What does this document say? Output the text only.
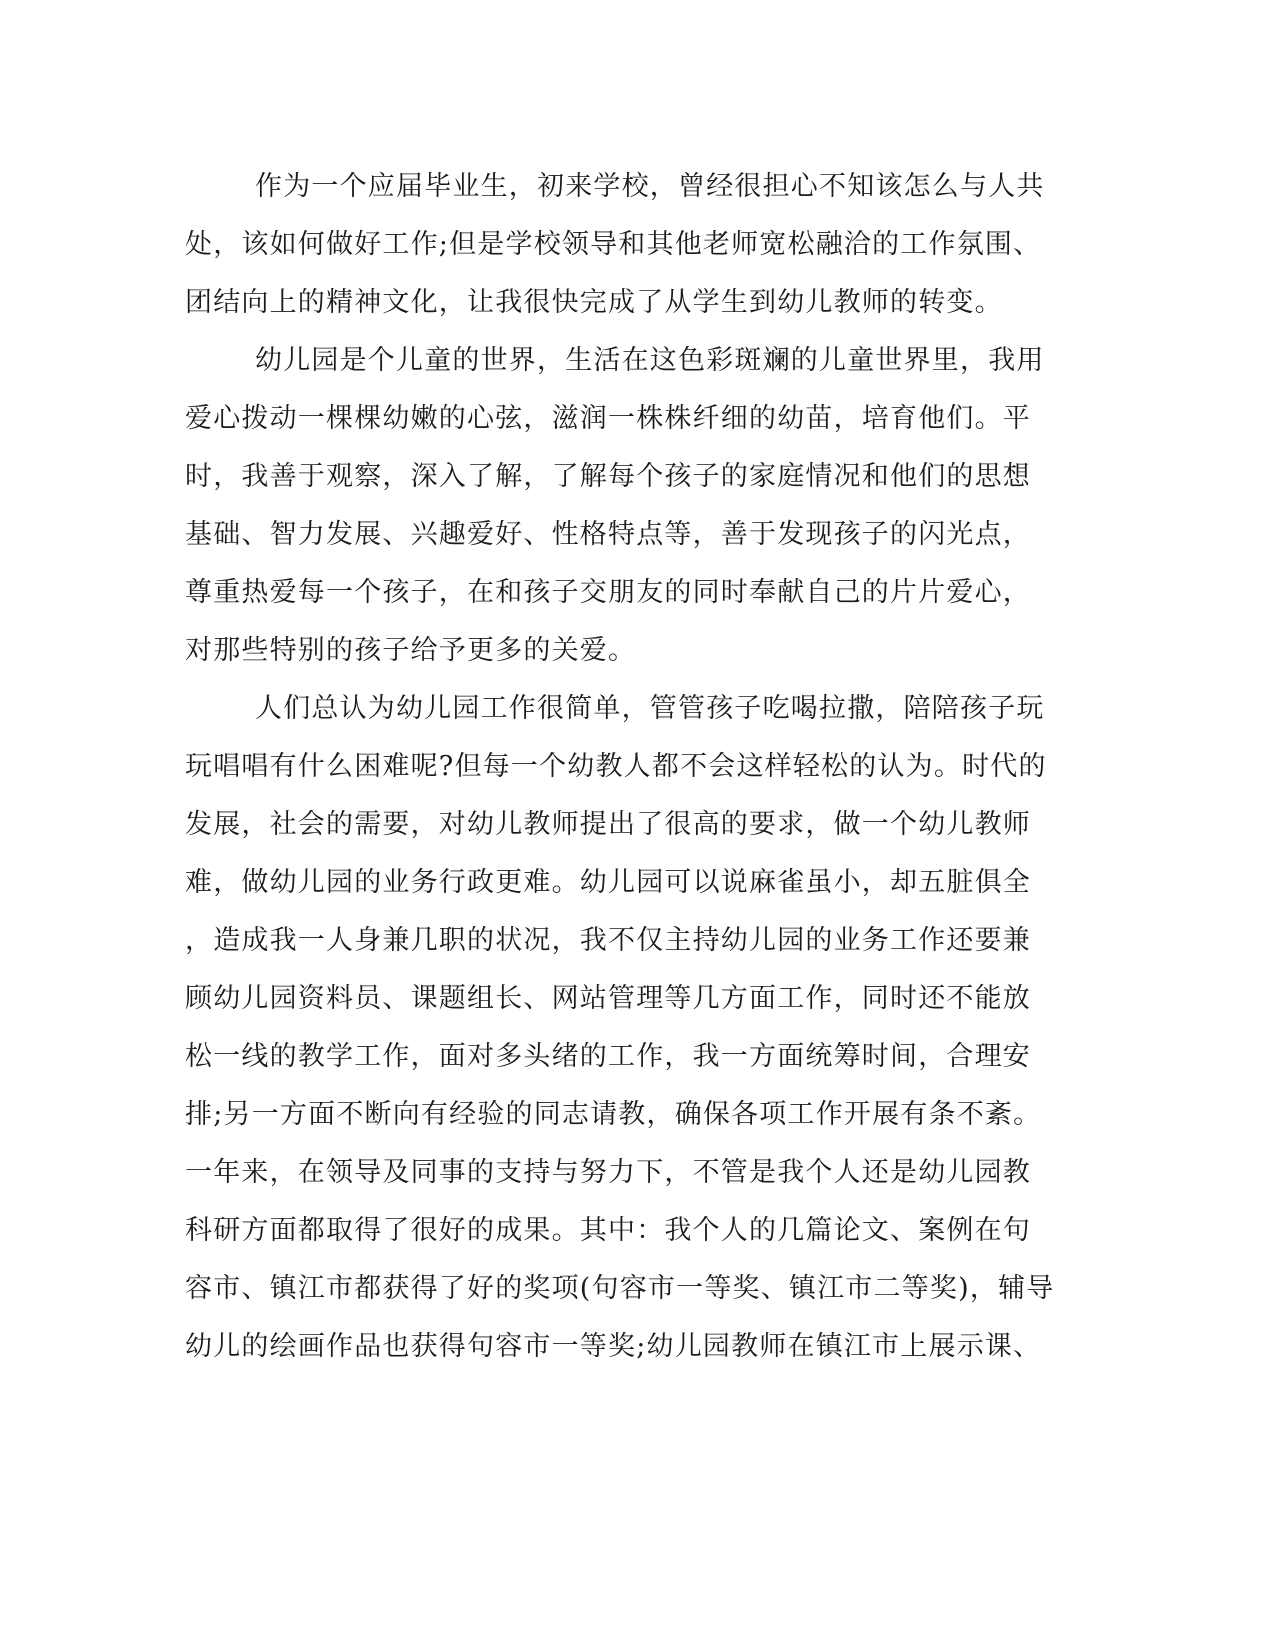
作为一个应届毕业生，初来学校，曾经很担心不知该怎么与人共
处，该如何做好工作;但是学校领导和其他老师宽松融洽的工作氛围、
团结向上的精神文化，让我很快完成了从学生到幼儿教师的转变。
幼儿园是个儿童的世界，生活在这色彩斑斓的儿童世界里，我用
爱心拨动一棵棵幼嫩的心弦，滋润一株株纤细的幼苗，培育他们。平
时，我善于观察，深入了解，了解每个孩子的家庭情况和他们的思想
基础、智力发展、兴趣爱好、性格特点等，善于发现孩子的闪光点，
尊重热爱每一个孩子，在和孩子交朋友的同时奉献自己的片片爱心，
对那些特别的孩子给予更多的关爱。
人们总认为幼儿园工作很简单，管管孩子吃喝拉撒，陪陪孩子玩
玩唱唱有什么困难呢?但每一个幼教人都不会这样轻松的认为。时代的
发展，社会的需要，对幼儿教师提出了很高的要求，做一个幼儿教师
难，做幼儿园的业务行政更难。幼儿园可以说麻雀虽小，却五脏俱全
，造成我一人身兼几职的状况，我不仅主持幼儿园的业务工作还要兼
顾幼儿园资料员、课题组长、网站管理等几方面工作，同时还不能放
松一线的教学工作，面对多头绪的工作，我一方面统筹时间，合理安
排;另一方面不断向有经验的同志请教，确保各项工作开展有条不紊。
一年来，在领导及同事的支持与努力下，不管是我个人还是幼儿园教
科研方面都取得了很好的成果。其中：我个人的几篇论文、案例在句
容市、镇江市都获得了好的奖项(句容市一等奖、镇江市二等奖)，辅导
幼儿的绘画作品也获得句容市一等奖;幼儿园教师在镇江市上展示课、
